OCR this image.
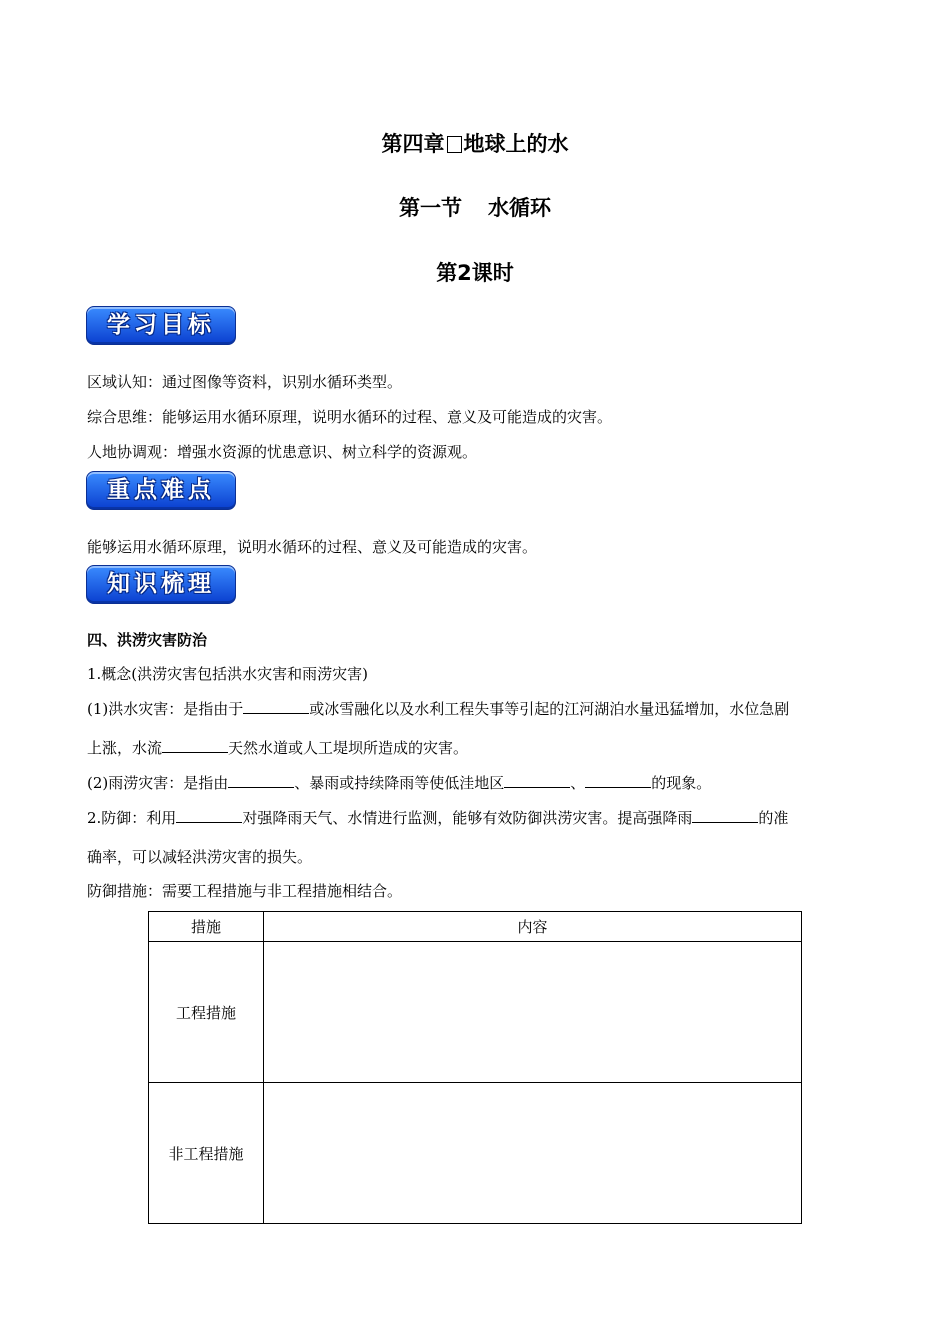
第四章 地球上的水
第一节 水循环
第2课时
学习目标
区域认知：通过图像等资料，识别水循环类型。
综合思维：能够运用水循环原理，说明水循环的过程、意义及可能造成的灾害。
人地协调观：增强水资源的忧患意识、树立科学的资源观。
重点难点
能够运用水循环原理，说明水循环的过程、意义及可能造成的灾害。
知识梳理
四、洪涝灾害防治
1.概念(洪涝灾害包括洪水灾害和雨涝灾害)
(1)洪水灾害：是指由于	或冰雪融化以及水利工程失事等引起的江河湖泊水量迅猛增加，水位急剧
上涨，水流	天然水道或人工堤坝所造成的灾害。
(2)雨涝灾害：是指由	、暴雨或持续降雨等使低洼地区	、	的现象。
2.防御：利用	对强降雨天气、水情进行监测，能够有效防御洪涝灾害。提高强降雨	的准
确率，可以减轻洪涝灾害的损失。
防御措施：需要工程措施与非工程措施相结合。
措施	内容
工程措施	
非工程措施	
